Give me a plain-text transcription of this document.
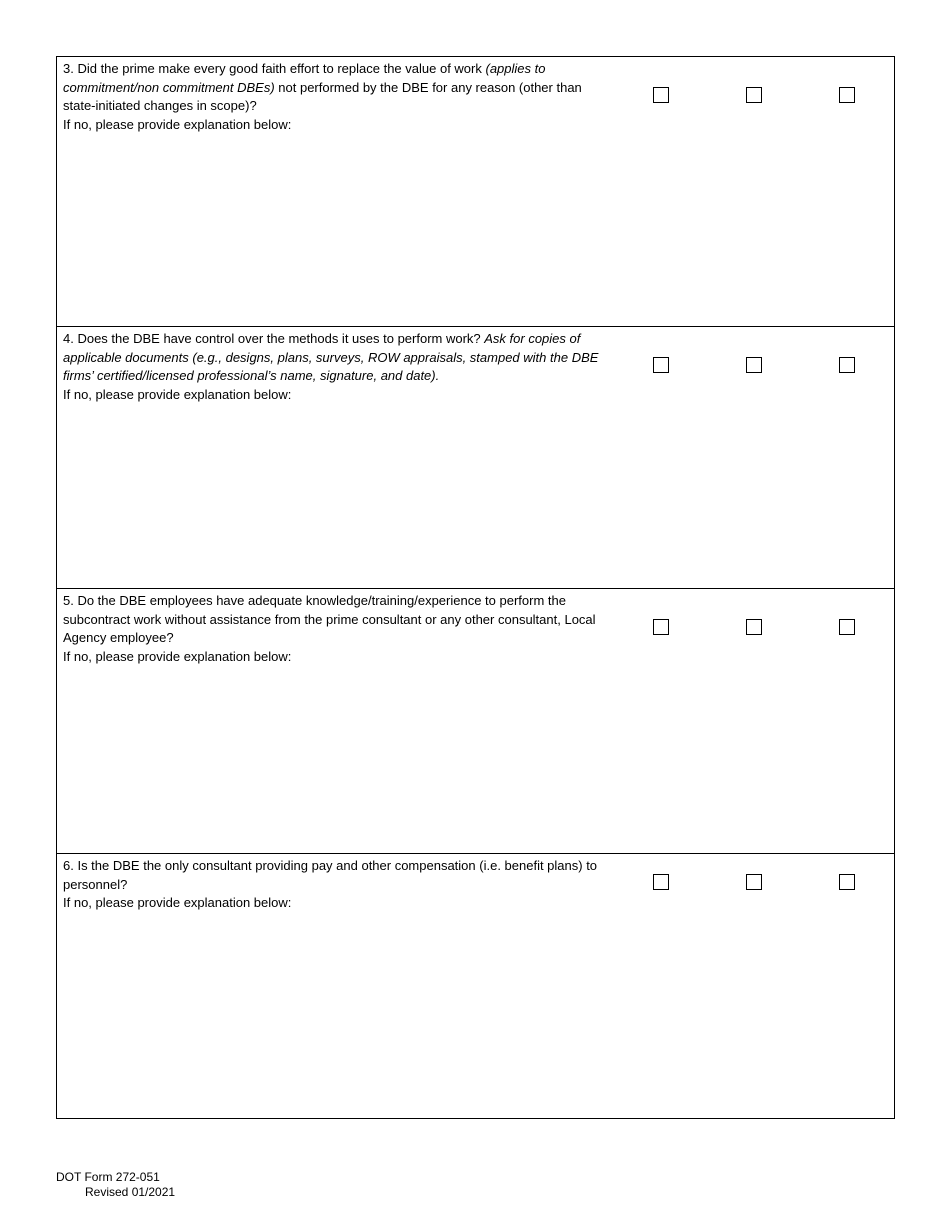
3. Did the prime make every good faith effort to replace the value of work (applies to commitment/non commitment DBEs) not performed by the DBE for any reason (other than state-initiated changes in scope)?

If no, please provide explanation below:

4. Does the DBE have control over the methods it uses to perform work? Ask for copies of applicable documents (e.g., designs, plans, surveys, ROW appraisals, stamped with the DBE firms’ certified/licensed professional’s name, signature, and date).

If no, please provide explanation below:

5. Do the DBE employees have adequate knowledge/training/experience to perform the subcontract work without assistance from the prime consultant or any other consultant, Local Agency employee?

If no, please provide explanation below:

6. Is the DBE the only consultant providing pay and other compensation (i.e. benefit plans) to personnel?

If no, please provide explanation below:
DOT Form 272-051
Revised 01/2021
